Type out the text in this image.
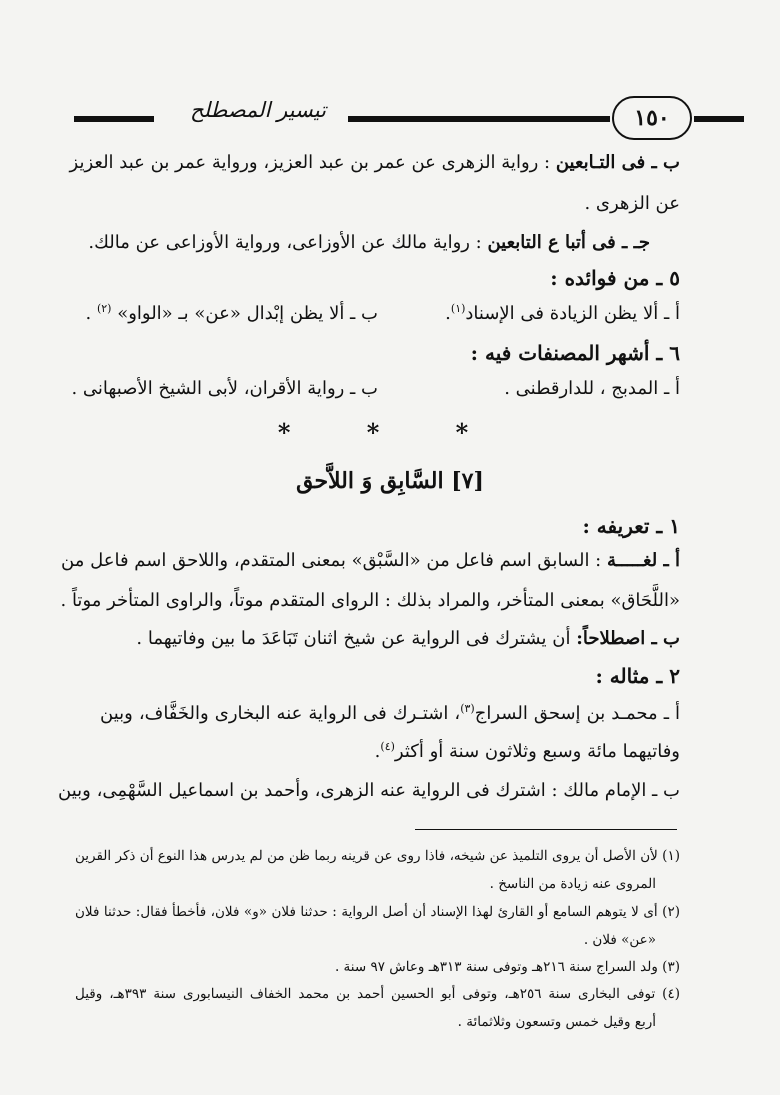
تيسير المصطلح	١٥٠
ب ـ فى التـابعين : رواية الزهرى عن عمر بن عبد العزيز، ورواية عمر بن عبد العزيز
عن الزهرى .
جـ ـ فى أتبا ع التابعين : رواية مالك عن الأوزاعى، ورواية الأوزاعى عن مالك.
٥ ـ من فوائده :
أ ـ ألا يظن الزيادة فى الإسناد$^{(١)}$.
ب ـ ألا يظن إبْدال «عن» بـ «الواو» $^{(٢)}$ .
٦ ـ أشهر المصنفات فيه :
أ ـ المدبج ، للدارقطنى .
ب ـ رواية الأقران، لأبى الشيخ الأصبهانى .
* * *
[٧] السَّابِق وَ اللاَّحق
١ ـ تعريفه :
أ ـ لغـــــة : السابق اسم فاعل من «السَّبْق» بمعنى المتقدم، واللاحق اسم فاعل من
«اللَّحَاق» بمعنى المتأخر، والمراد بذلك : الرواى المتقدم موتاً، والراوى المتأخر موتاً .
ب ـ اصطلاحاً: أن يشترك فى الرواية عن شيخ اثنان تَبَاعَدَ ما بين وفاتيهما .
٢ ـ مثاله :
أ ـ محمـد بن إسحق السراج$^{(٣)}$، اشتـرك فى الرواية عنه البخارى والخَفَّاف، وبين
وفاتيهما مائة وسبع وثلاثون سنة أو أكثر$^{(٤)}$.
ب ـ الإمام مالك : اشترك فى الرواية عنه الزهرى، وأحمد بن اسماعيل السَّهْمِى، وبين
(١) لأن الأصل أن يروى التلميذ عن شيخه، فاذا روى عن قرينه ربما ظن من لم يدرس هذا النوع أن ذكر القرين
المروى عنه زيادة من الناسخ .
(٢) أى لا يتوهم السامع أو القارئ لهذا الإسناد أن أصل الرواية : حدثنا فلان «و» فلان، فأخطأ فقال: حدثنا فلان
«عن» فلان .
(٣) ولد السراج سنة ٢١٦هـ وتوفى سنة ٣١٣هـ وعاش ٩٧ سنة .
(٤) توفى البخارى سنة ٢٥٦هـ، وتوفى أبو الحسين أحمد بن محمد الخفاف النيسابورى سنة ٣٩٣هـ، وقيل
أربع وقيل خمس وتسعون وثلاثمائة .
